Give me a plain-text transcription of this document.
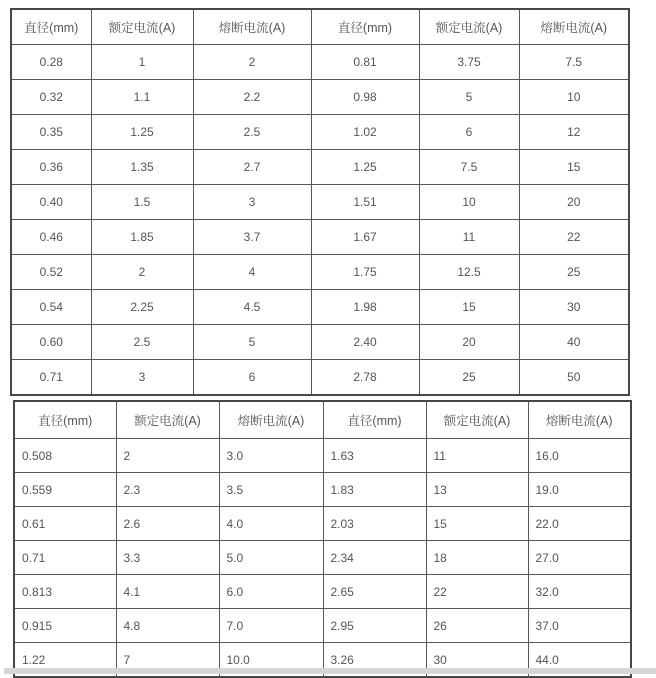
直径(mm)	额定电流(A)	熔断电流(A)	直径(mm)	额定电流(A)	熔断电流(A)
0.28	1	2	0.81	3.75	7.5
0.32	1.1	2.2	0.98	5	10
0.35	1.25	2.5	1.02	6	12
0.36	1.35	2.7	1.25	7.5	15
0.40	1.5	3	1.51	10	20
0.46	1.85	3.7	1.67	11	22
0.52	2	4	1.75	12.5	25
0.54	2.25	4.5	1.98	15	30
0.60	2.5	5	2.40	20	40
0.71	3	6	2.78	25	50
直径(mm)	额定电流(A)	熔断电流(A)	直径(mm)	额定电流(A)	熔断电流(A)
0.508	2	3.0	1.63	11	16.0
0.559	2.3	3.5	1.83	13	19.0
0.61	2.6	4.0	2.03	15	22.0
0.71	3.3	5.0	2.34	18	27.0
0.813	4.1	6.0	2.65	22	32.0
0.915	4.8	7.0	2.95	26	37.0
1.22	7	10.0	3.26	30	44.0
